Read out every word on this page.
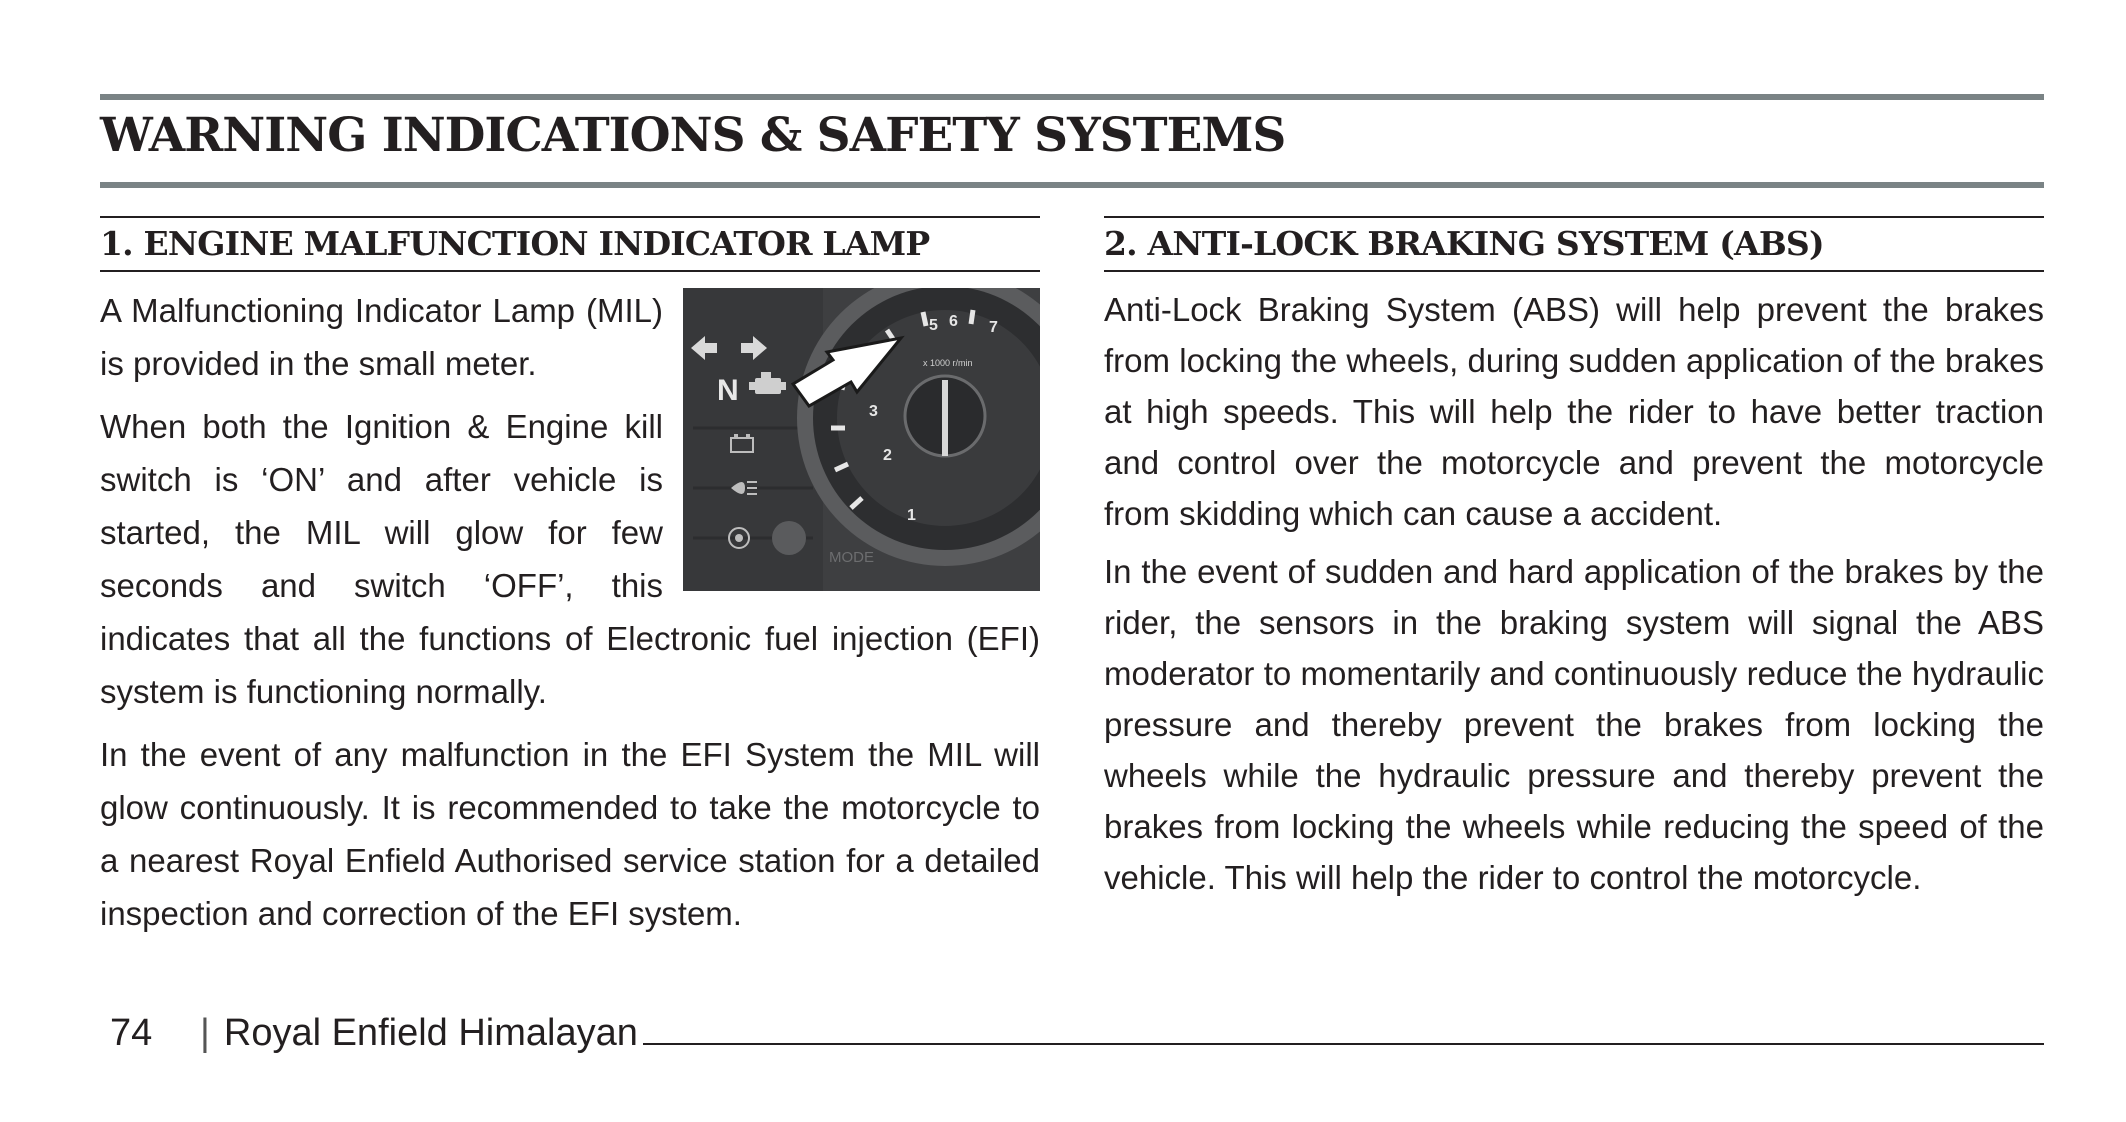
WARNING INDICATIONS & SAFETY SYSTEMS
1. ENGINE MALFUNCTION INDICATOR LAMP
N
MODE
1
2
3
5 6 7
x 1000 r/min

A Malfunctioning Indicator Lamp (MIL) is provided in the small meter.

When both the Ignition & Engine kill switch is ‘ON’ and after vehicle is started, the MIL will glow for few seconds and switch ‘OFF’, this indicates that all the functions of Electronic fuel injection (EFI) system is functioning normally.

In the event of any malfunction in the EFI System the MIL will glow continuously. It is recommended to take the motorcycle to a nearest Royal Enfield Authorised service station for a detailed inspection and correction of the EFI system.

2. ANTI-LOCK BRAKING SYSTEM (ABS)

Anti-Lock Braking System (ABS) will help prevent the brakes from locking the wheels, during sudden application of the brakes at high speeds. This will help the rider to have better traction and control over the motorcycle and prevent the motorcycle from skidding which can cause a accident.

In the event of sudden and hard application of the brakes by the rider, the sensors in the braking system will signal the ABS moderator to momentarily and continuously reduce the hydraulic pressure and thereby prevent the brakes from locking the wheels while the hydraulic pressure and thereby prevent the brakes from locking the wheels while reducing the speed of the vehicle. This will help the rider to control the motorcycle.

74 | Royal Enfield Himalayan
